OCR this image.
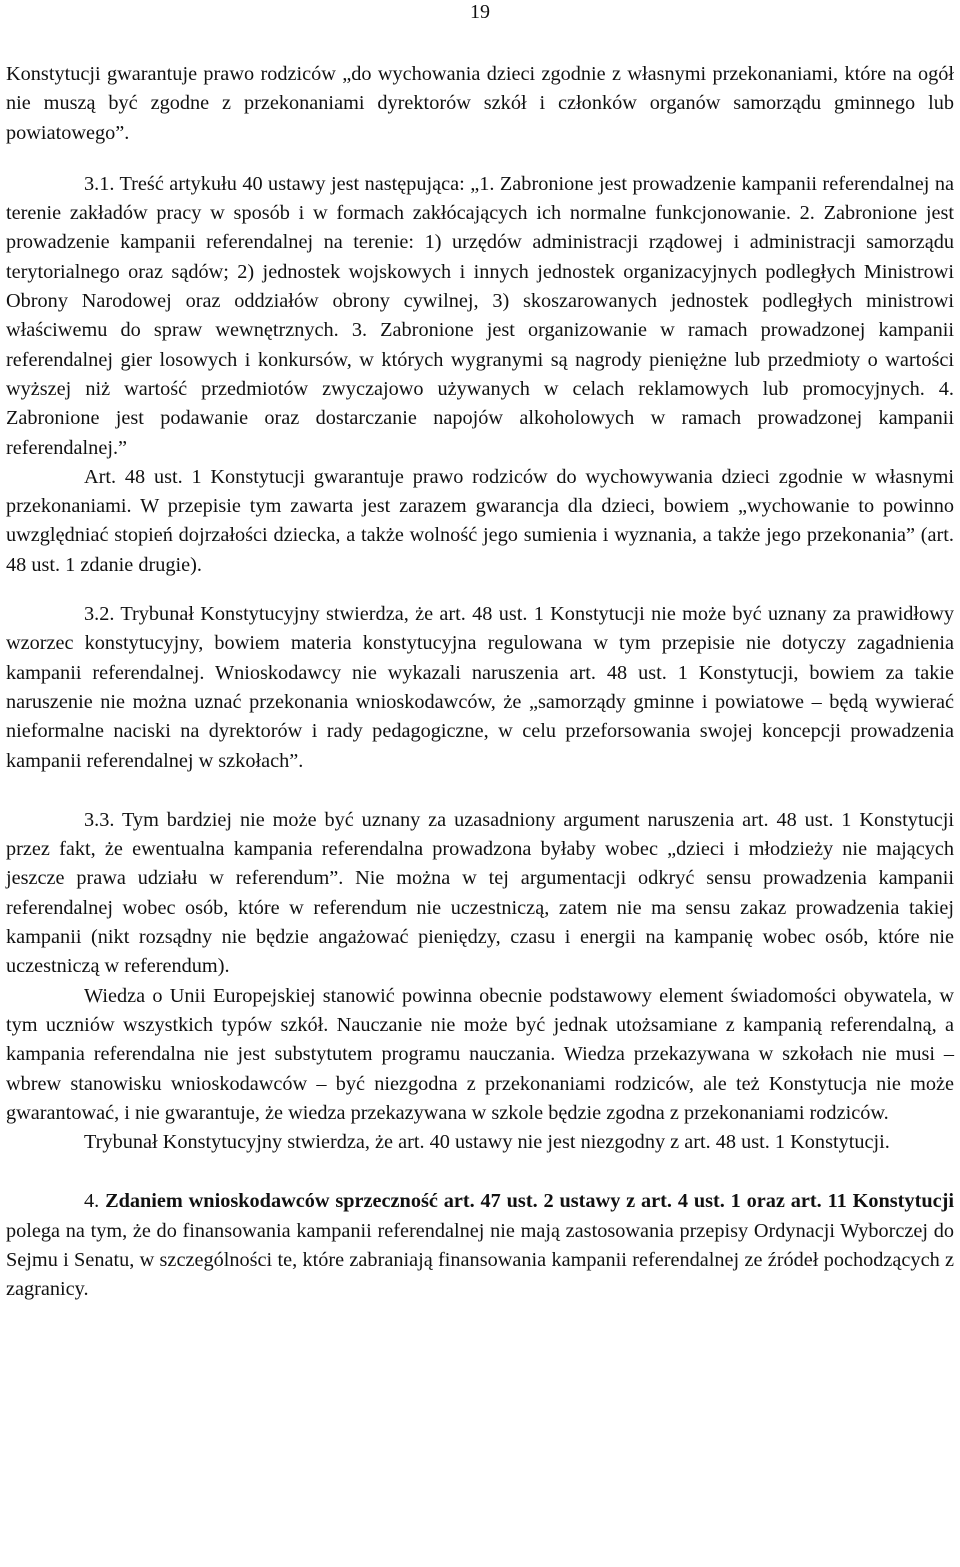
19

Konstytucji gwarantuje prawo rodziców „do wychowania dzieci zgodnie z własnymi przekonaniami, które na ogół nie muszą być zgodne z przekonaniami dyrektorów szkół i członków organów samorządu gminnego lub powiatowego”.

3.1. Treść artykułu 40 ustawy jest następująca: „1. Zabronione jest prowadzenie kampanii referendalnej na terenie zakładów pracy w sposób i w formach zakłócających ich normalne funkcjonowanie. 2. Zabronione jest prowadzenie kampanii referendalnej na terenie: 1) urzędów administracji rządowej i administracji samorządu terytorialnego oraz sądów; 2) jednostek wojskowych i innych jednostek organizacyjnych podległych Ministrowi Obrony Narodowej oraz oddziałów obrony cywilnej, 3) skoszarowanych jednostek podległych ministrowi właściwemu do spraw wewnętrznych. 3. Zabronione jest organizowanie w ramach prowadzonej kampanii referendalnej gier losowych i konkursów, w których wygranymi są nagrody pieniężne lub przedmioty o wartości wyższej niż wartość przedmiotów zwyczajowo używanych w celach reklamowych lub promocyjnych. 4. Zabronione jest podawanie oraz dostarczanie napojów alkoholowych w ramach prowadzonej kampanii referendalnej.”

Art. 48 ust. 1 Konstytucji gwarantuje prawo rodziców do wychowywania dzieci zgodnie w własnymi przekonaniami. W przepisie tym zawarta jest zarazem gwarancja dla dzieci, bowiem „wychowanie to powinno uwzględniać stopień dojrzałości dziecka, a także wolność jego sumienia i wyznania, a także jego przekonania” (art. 48 ust. 1 zdanie drugie).

3.2. Trybunał Konstytucyjny stwierdza, że art. 48 ust. 1 Konstytucji nie może być uznany za prawidłowy wzorzec konstytucyjny, bowiem materia konstytucyjna regulowana w tym przepisie nie dotyczy zagadnienia kampanii referendalnej. Wnioskodawcy nie wykazali naruszenia art. 48 ust. 1 Konstytucji, bowiem za takie naruszenie nie można uznać przekonania wnioskodawców, że „samorządy gminne i powiatowe – będą wywierać nieformalne naciski na dyrektorów i rady pedagogiczne, w celu przeforsowania swojej koncepcji prowadzenia kampanii referendalnej w szkołach”.

3.3. Tym bardziej nie może być uznany za uzasadniony argument naruszenia art. 48 ust. 1 Konstytucji przez fakt, że ewentualna kampania referendalna prowadzona byłaby wobec „dzieci i młodzieży nie mających jeszcze prawa udziału w referendum”. Nie można w tej argumentacji odkryć sensu prowadzenia kampanii referendalnej wobec osób, które w referendum nie uczestniczą, zatem nie ma sensu zakaz prowadzenia takiej kampanii (nikt rozsądny nie będzie angażować pieniędzy, czasu i energii na kampanię wobec osób, które nie uczestniczą w referendum).

Wiedza o Unii Europejskiej stanowić powinna obecnie podstawowy element świadomości obywatela, w tym uczniów wszystkich typów szkół. Nauczanie nie może być jednak utożsamiane z kampanią referendalną, a kampania referendalna nie jest substytutem programu nauczania. Wiedza przekazywana w szkołach nie musi – wbrew stanowisku wnioskodawców – być niezgodna z przekonaniami rodziców, ale też Konstytucja nie może gwarantować, i nie gwarantuje, że wiedza przekazywana w szkole będzie zgodna z przekonaniami rodziców.

Trybunał Konstytucyjny stwierdza, że art. 40 ustawy nie jest niezgodny z art. 48 ust. 1 Konstytucji.

4. Zdaniem wnioskodawców sprzeczność art. 47 ust. 2 ustawy z art. 4 ust. 1 oraz art. 11 Konstytucji polega na tym, że do finansowania kampanii referendalnej nie mają zastosowania przepisy Ordynacji Wyborczej do Sejmu i Senatu, w szczególności te, które zabraniają finansowania kampanii referendalnej ze źródeł pochodzących z zagranicy.
